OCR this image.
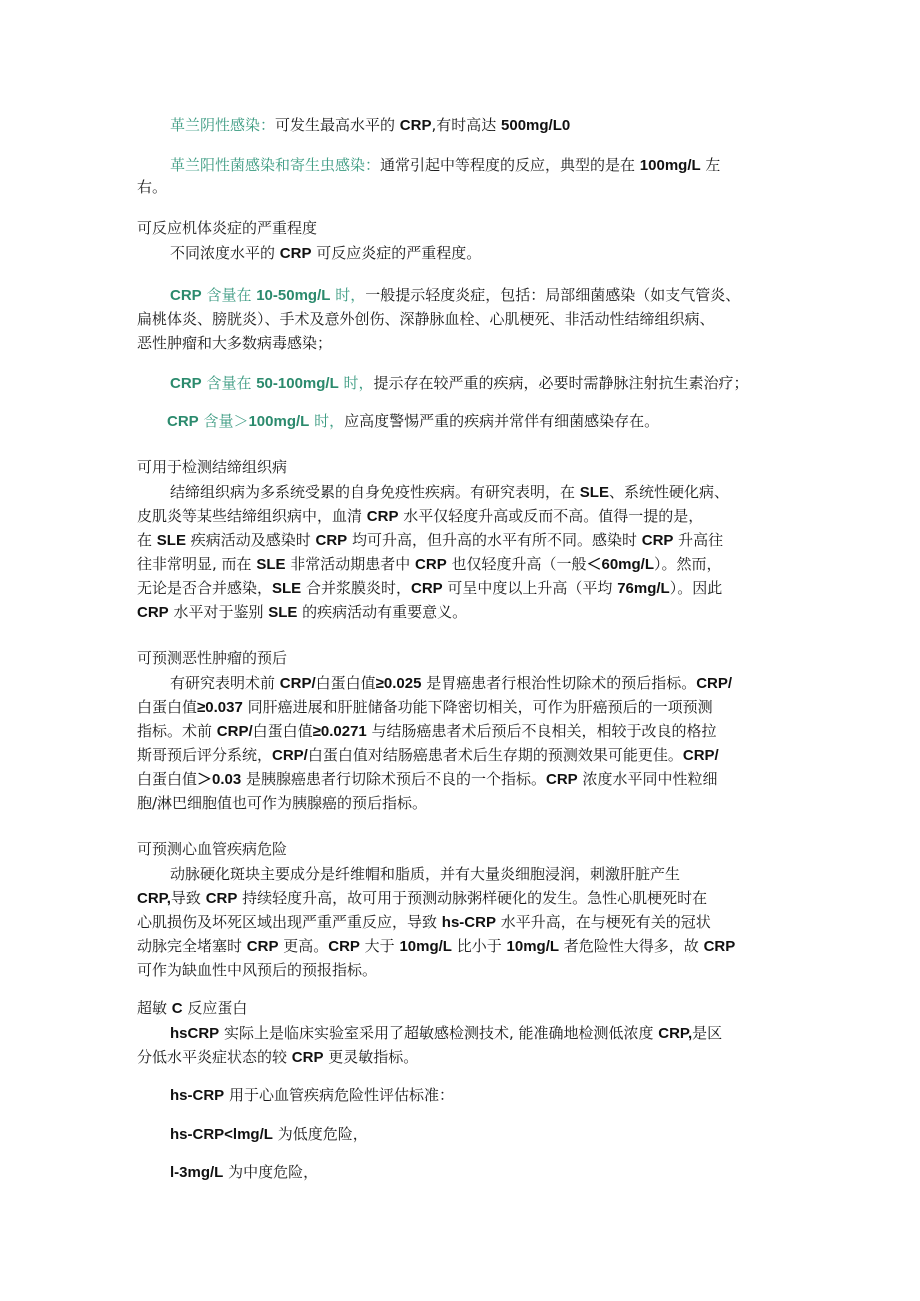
革兰阴性感染：可发生最高水平的 CRP,有时高达 500mg/L0
革兰阳性菌感染和寄生虫感染：通常引起中等程度的反应，典型的是在 100mg/L 左
右。
可反应机体炎症的严重程度
不同浓度水平的 CRP 可反应炎症的严重程度。
CRP 含量在 10-50mg/L 时，一般提示轻度炎症，包括：局部细菌感染（如支气管炎、
扁桃体炎、膀胱炎）、手术及意外创伤、深静脉血栓、心肌梗死、非活动性结缔组织病、
恶性肿瘤和大多数病毒感染；
CRP 含量在 50-100mg/L 时，提示存在较严重的疾病，必要时需静脉注射抗生素治疗；
CRP 含量＞100mg/L 时，应高度警惕严重的疾病并常伴有细菌感染存在。
可用于检测结缔组织病
结缔组织病为多系统受累的自身免疫性疾病。有研究表明，在 SLE、系统性硬化病、
皮肌炎等某些结缔组织病中，血清 CRP 水平仅轻度升高或反而不高。值得一提的是，
在 SLE 疾病活动及感染时 CRP 均可升高，但升高的水平有所不同。感染时 CRP 升高往
往非常明显, 而在 SLE 非常活动期患者中 CRP 也仅轻度升高（一般＜60mg/L）。然而，
无论是否合并感染，SLE 合并浆膜炎时，CRP 可呈中度以上升高（平均 76mg/L）。因此
CRP 水平对于鉴别 SLE 的疾病活动有重要意义。
可预测恶性肿瘤的预后
有研究表明术前 CRP/白蛋白值≥0.025 是胃癌患者行根治性切除术的预后指标。CRP/
白蛋白值≥0.037 同肝癌进展和肝脏储备功能下降密切相关，可作为肝癌预后的一项预测
指标。术前 CRP/白蛋白值≥0.0271 与结肠癌患者术后预后不良相关，相较于改良的格拉
斯哥预后评分系统，CRP/白蛋白值对结肠癌患者术后生存期的预测效果可能更佳。CRP/
白蛋白值＞0.03 是胰腺癌患者行切除术预后不良的一个指标。CRP 浓度水平同中性粒细
胞/淋巴细胞值也可作为胰腺癌的预后指标。
可预测心血管疾病危险
动脉硬化斑块主要成分是纤维帽和脂质，并有大量炎细胞浸润，刺激肝脏产生
CRP,导致 CRP 持续轻度升高，故可用于预测动脉粥样硬化的发生。急性心肌梗死时在
心肌损伤及坏死区域出现严重严重反应，导致 hs-CRP 水平升高，在与梗死有关的冠状
动脉完全堵塞时 CRP 更高。CRP 大于 10mg/L 比小于 10mg/L 者危险性大得多，故 CRP
可作为缺血性中风预后的预报指标。
超敏 C 反应蛋白
hsCRP 实际上是临床实验室采用了超敏感检测技术, 能准确地检测低浓度 CRP,是区
分低水平炎症状态的较 CRP 更灵敏指标。
hs-CRP 用于心血管疾病危险性评估标准：
hs-CRP<lmg/L 为低度危险，
l-3mg/L 为中度危险，
